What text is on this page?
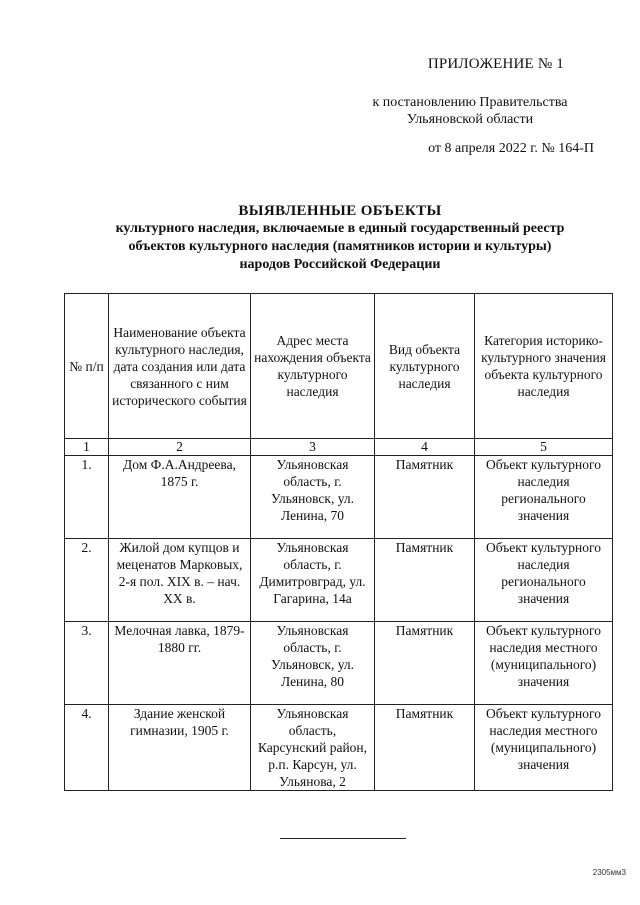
ПРИЛОЖЕНИЕ № 1
к постановлению Правительства
Ульяновской области
от 8 апреля 2022 г. № 164-П
ВЫЯВЛЕННЫЕ ОБЪЕКТЫ
культурного наследия, включаемые в единый государственный реестр
объектов культурного наследия (памятников истории и культуры)
народов Российской Федерации
№ п/п	Наименование объекта культурного наследия, дата создания или дата связанного с ним исторического события	Адрес места нахождения объекта культурного наследия	Вид объекта культурного наследия	Категория историко-культурного значения объекта культурного наследия
1	2	3	4	5
1.	Дом Ф.А.Андреева, 1875 г.	Ульяновская область, г. Ульяновск, ул. Ленина, 70	Памятник	Объект культурного наследия регионального значения
2.	Жилой дом купцов и меценатов Марковых, 2-я пол. XIX в. – нач. XX в.	Ульяновская область, г. Димитровград, ул. Гагарина, 14а	Памятник	Объект культурного наследия регионального значения
3.	Мелочная лавка, 1879-1880 гг.	Ульяновская область, г. Ульяновск, ул. Ленина, 80	Памятник	Объект культурного наследия местного (муниципального) значения
4.	Здание женской гимназии, 1905 г.	Ульяновская область, Карсунский район, р.п. Карсун, ул. Ульянова, 2	Памятник	Объект культурного наследия местного (муниципального) значения
2305мм3
